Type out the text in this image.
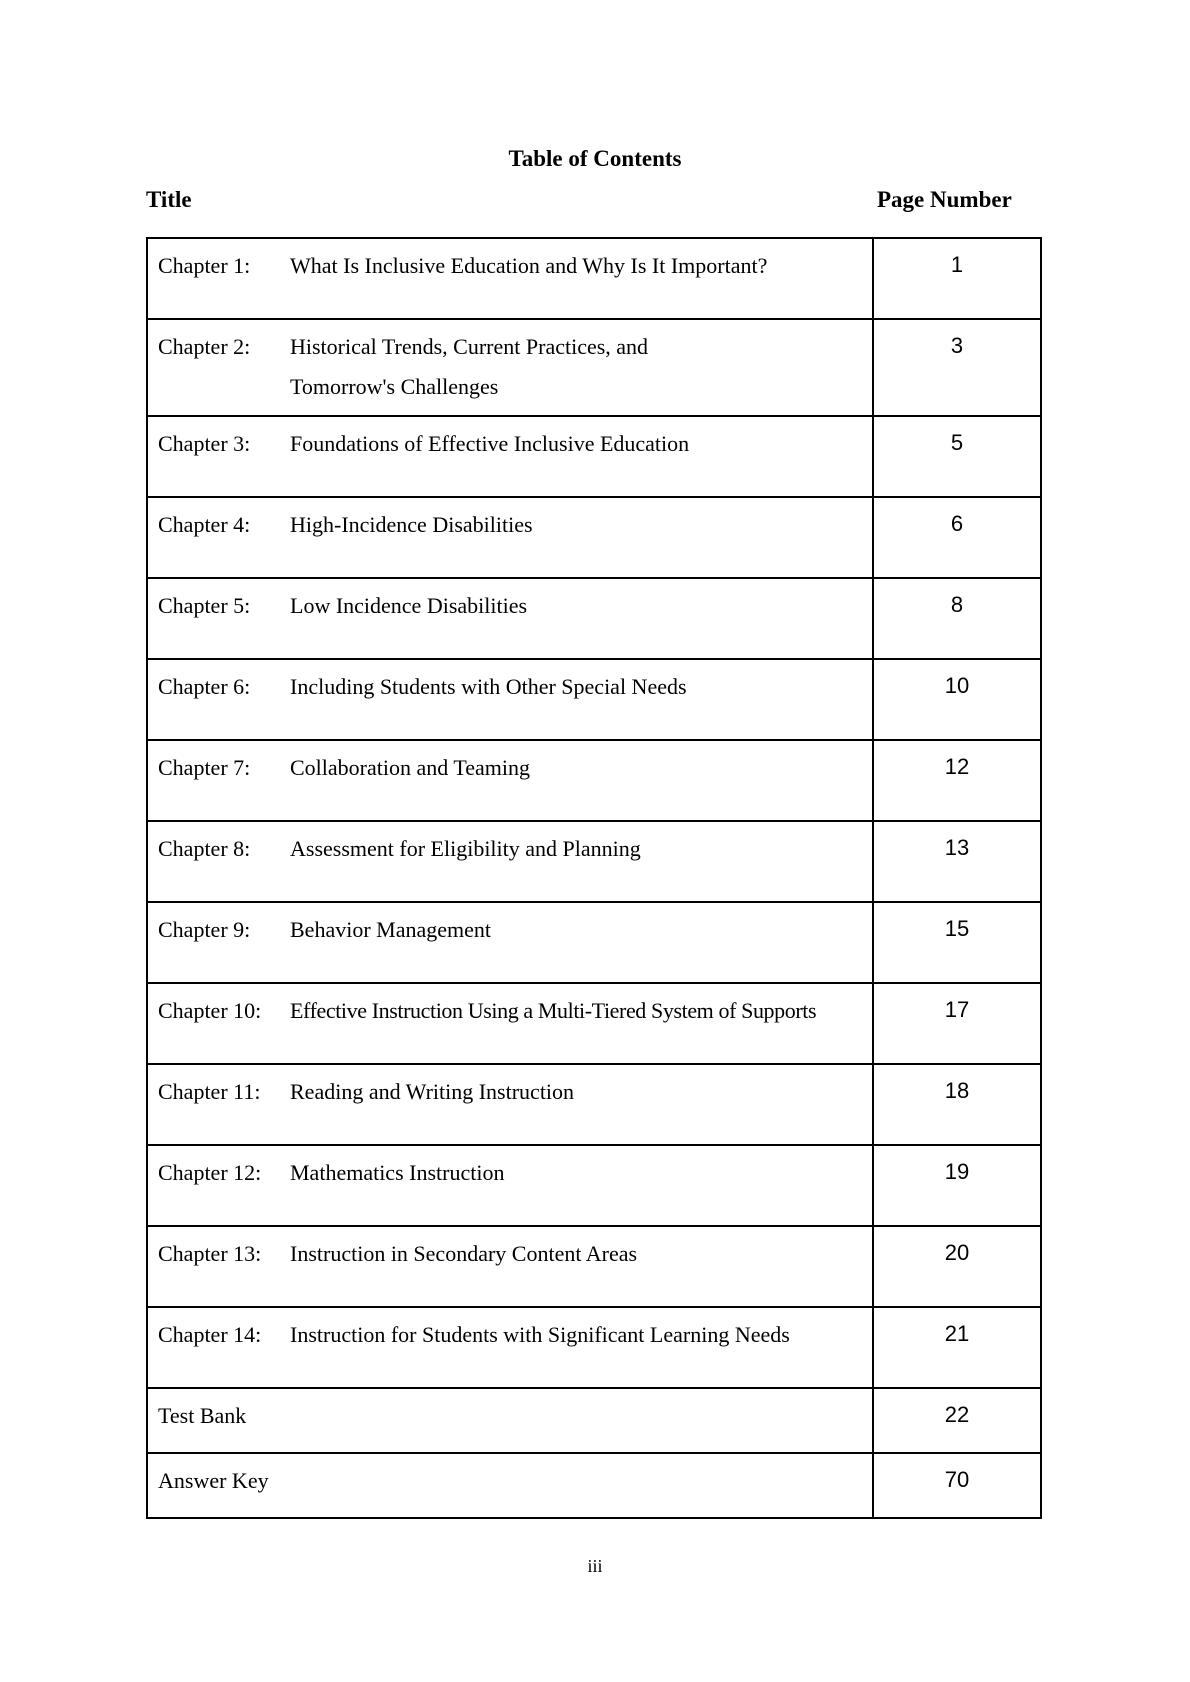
Table of Contents
Title	Page Number
Chapter 1: What Is Inclusive Education and Why Is It Important?	1

Chapter 2: Historical Trends, Current Practices, and Tomorrow's Challenges	3

Chapter 3: Foundations of Effective Inclusive Education	5

Chapter 4: High-Incidence Disabilities	6

Chapter 5: Low Incidence Disabilities	8

Chapter 6: Including Students with Other Special Needs	10

Chapter 7: Collaboration and Teaming	12

Chapter 8: Assessment for Eligibility and Planning	13

Chapter 9: Behavior Management	15

Chapter 10: Effective Instruction Using a Multi-Tiered System of Supports	17

Chapter 11: Reading and Writing Instruction	18

Chapter 12: Mathematics Instruction	19

Chapter 13: Instruction in Secondary Content Areas	20

Chapter 14: Instruction for Students with Significant Learning Needs	21

Test Bank	22

Answer Key	70
iii
